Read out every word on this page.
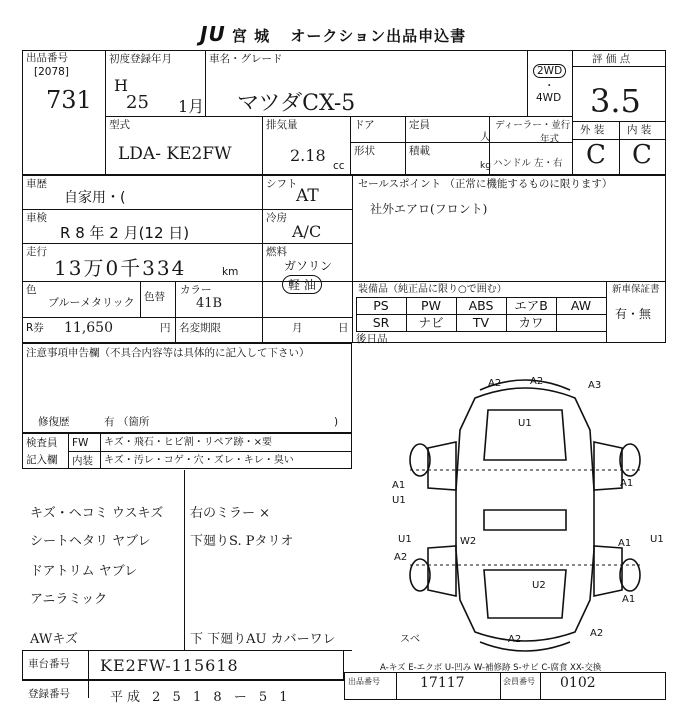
JU 宮 城 オークション出品申込書
出品番号
[2078]
731
初度登録年月
H
25 1月
車名・グレード
マツダCX-5
2WD
・
4WD
評 価 点
3.5
外 装 内 装
C C
型式
LDA- KE2FW
排気量
2.18
cc
ドア	定員
人
ディーラー・並行
年式
形状	積載
kg ハンドル 左・右
車歴
自家用・(
シフト
AT
セールスポイント （正常に機能するものに限ります）
社外エアロ(フロント)
車検
R 8 年 2 月(12 日)
冷房
A/C
走行
13万0千334	km
燃料
ガソリン
軽 油
色
ブルーメタリック 色替
カラー
41B
装備品（純正品に限り○で囲む）	新車保証書
有・無
PS	PW	ABS	エアB	AW
SR	ナビ	TV	カワ
R券 11,650	円 名変期限	月	日
後日品
注意事項申告欄（不具合内容等は具体的に記入して下さい）
修復歴	有 （箇所	)
検査員
記入欄
FW キズ・飛石・ヒビ割・リペア跡・×要
内装 キズ・汚レ・コゲ・穴・ズレ・キレ・臭い
キズ・ヘコミ ウスキズ
シートヘタリ ヤブレ
ドアトリム ヤブレ
アニラミック
AWキズ
右のミラー ×
下廻りS. Pタリオ
下 下廻りAU カバーワレ
車台番号 KE2FW-115618
登録番号	平成 2 5 1 8 ー 5 1
A-キズ E-エクボ U-凹み W-補修跡 S-サビ C-腐食 XX-交換
出品番号	17117	会員番号 0102
A2	A2	A3
U1
A1
U1
U1	W2	U1
A2
U2
A1
A1
A1
A2
A2
スべ
